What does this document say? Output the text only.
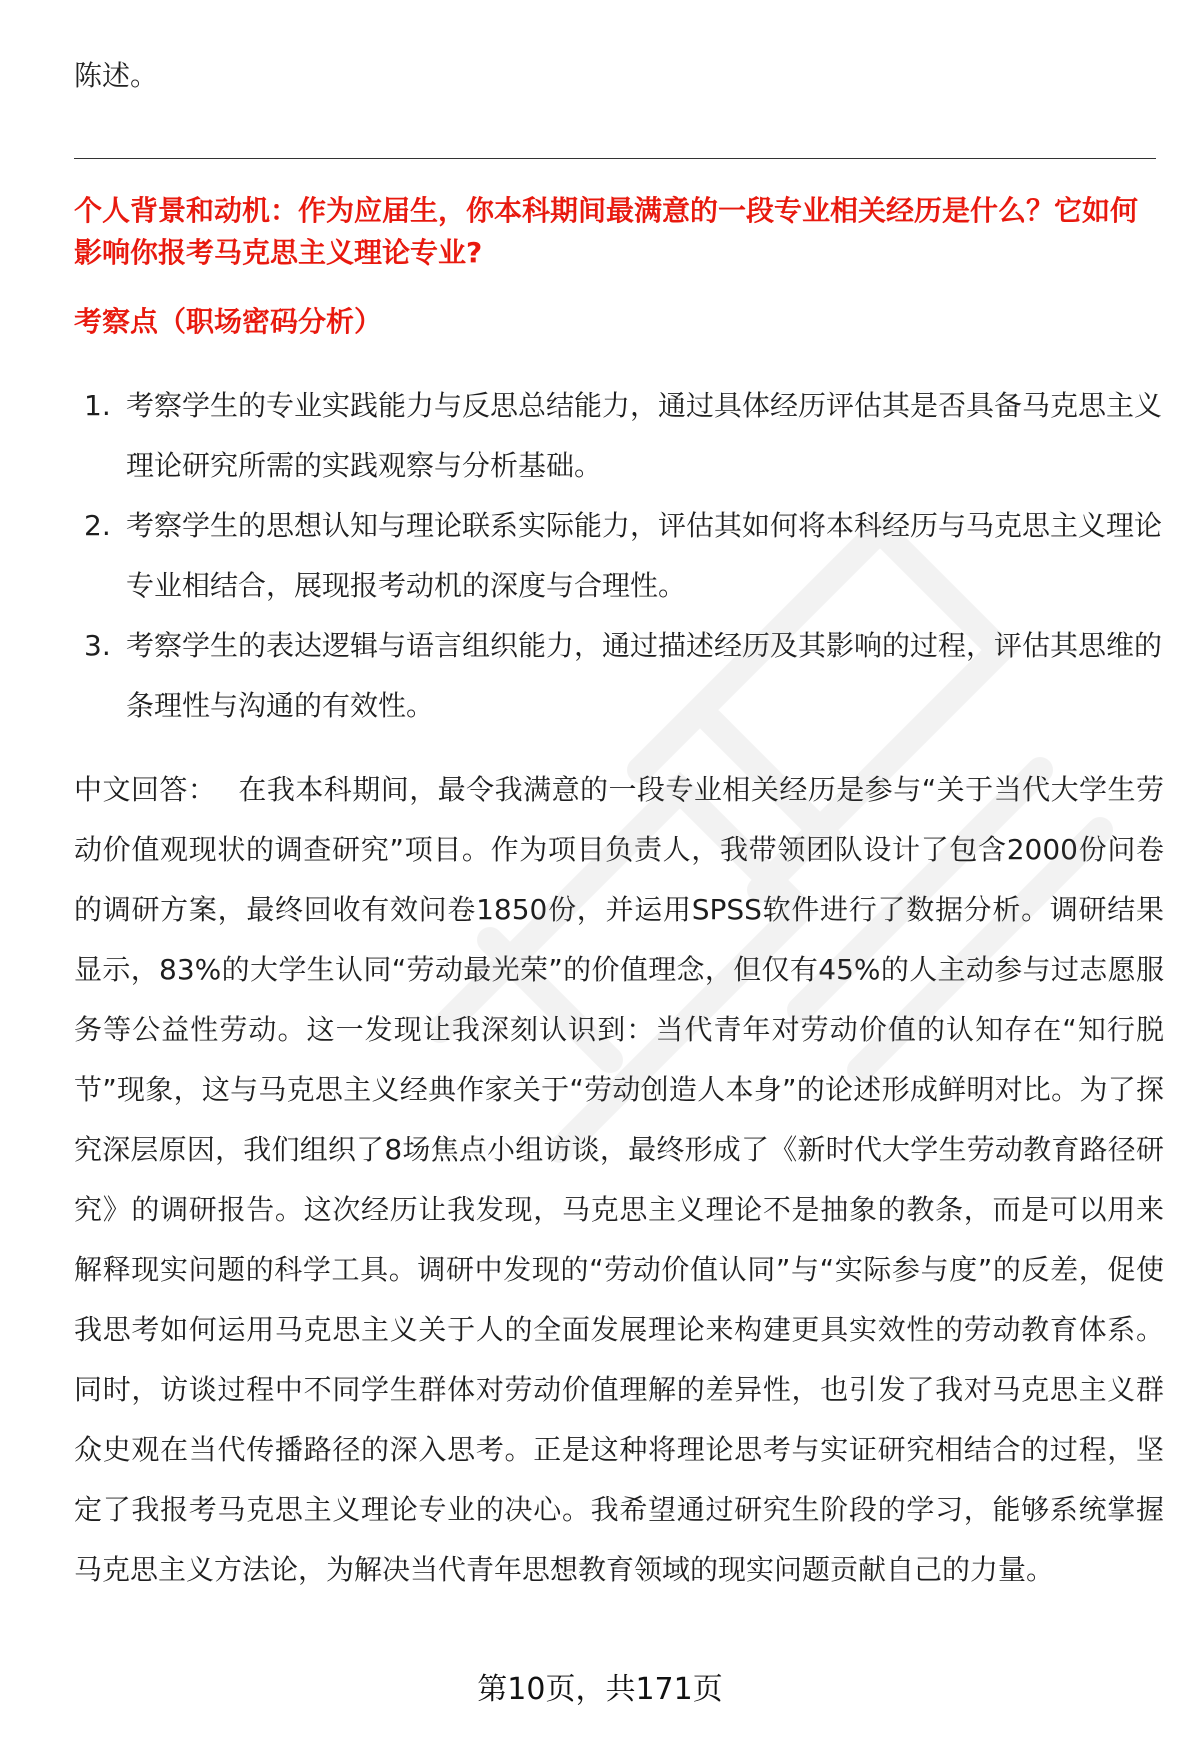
陈述。
个人背景和动机：作为应届生，你本科期间最满意的一段专业相关经历是什么？它如何影响你报考马克思主义理论专业?
考察点（职场密码分析）
1. 考察学生的专业实践能力与反思总结能力，通过具体经历评估其是否具备马克思主义理论研究所需的实践观察与分析基础。
2. 考察学生的思想认知与理论联系实际能力，评估其如何将本科经历与马克思主义理论专业相结合，展现报考动机的深度与合理性。
3. 考察学生的表达逻辑与语言组织能力，通过描述经历及其影响的过程，评估其思维的条理性与沟通的有效性。

中文回答： 在我本科期间，最令我满意的一段专业相关经历是参与“关于当代大学生劳动价值观现状的调查研究”项目。作为项目负责人，我带领团队设计了包含2000份问卷的调研方案，最终回收有效问卷1850份，并运用SPSS软件进行了数据分析。调研结果显示，83%的大学生认同“劳动最光荣”的价值理念，但仅有45%的人主动参与过志愿服务等公益性劳动。这一发现让我深刻认识到：当代青年对劳动价值的认知存在“知行脱节”现象，这与马克思主义经典作家关于“劳动创造人本身”的论述形成鲜明对比。为了探究深层原因，我们组织了8场焦点小组访谈，最终形成了《新时代大学生劳动教育路径研究》的调研报告。这次经历让我发现，马克思主义理论不是抽象的教条，而是可以用来解释现实问题的科学工具。调研中发现的“劳动价值认同”与“实际参与度”的反差，促使我思考如何运用马克思主义关于人的全面发展理论来构建更具实效性的劳动教育体系。同时，访谈过程中不同学生群体对劳动价值理解的差异性，也引发了我对马克思主义群众史观在当代传播路径的深入思考。正是这种将理论思考与实证研究相结合的过程，坚定了我报考马克思主义理论专业的决心。我希望通过研究生阶段的学习，能够系统掌握马克思主义方法论，为解决当代青年思想教育领域的现实问题贡献自己的力量。

第10页，共171页
